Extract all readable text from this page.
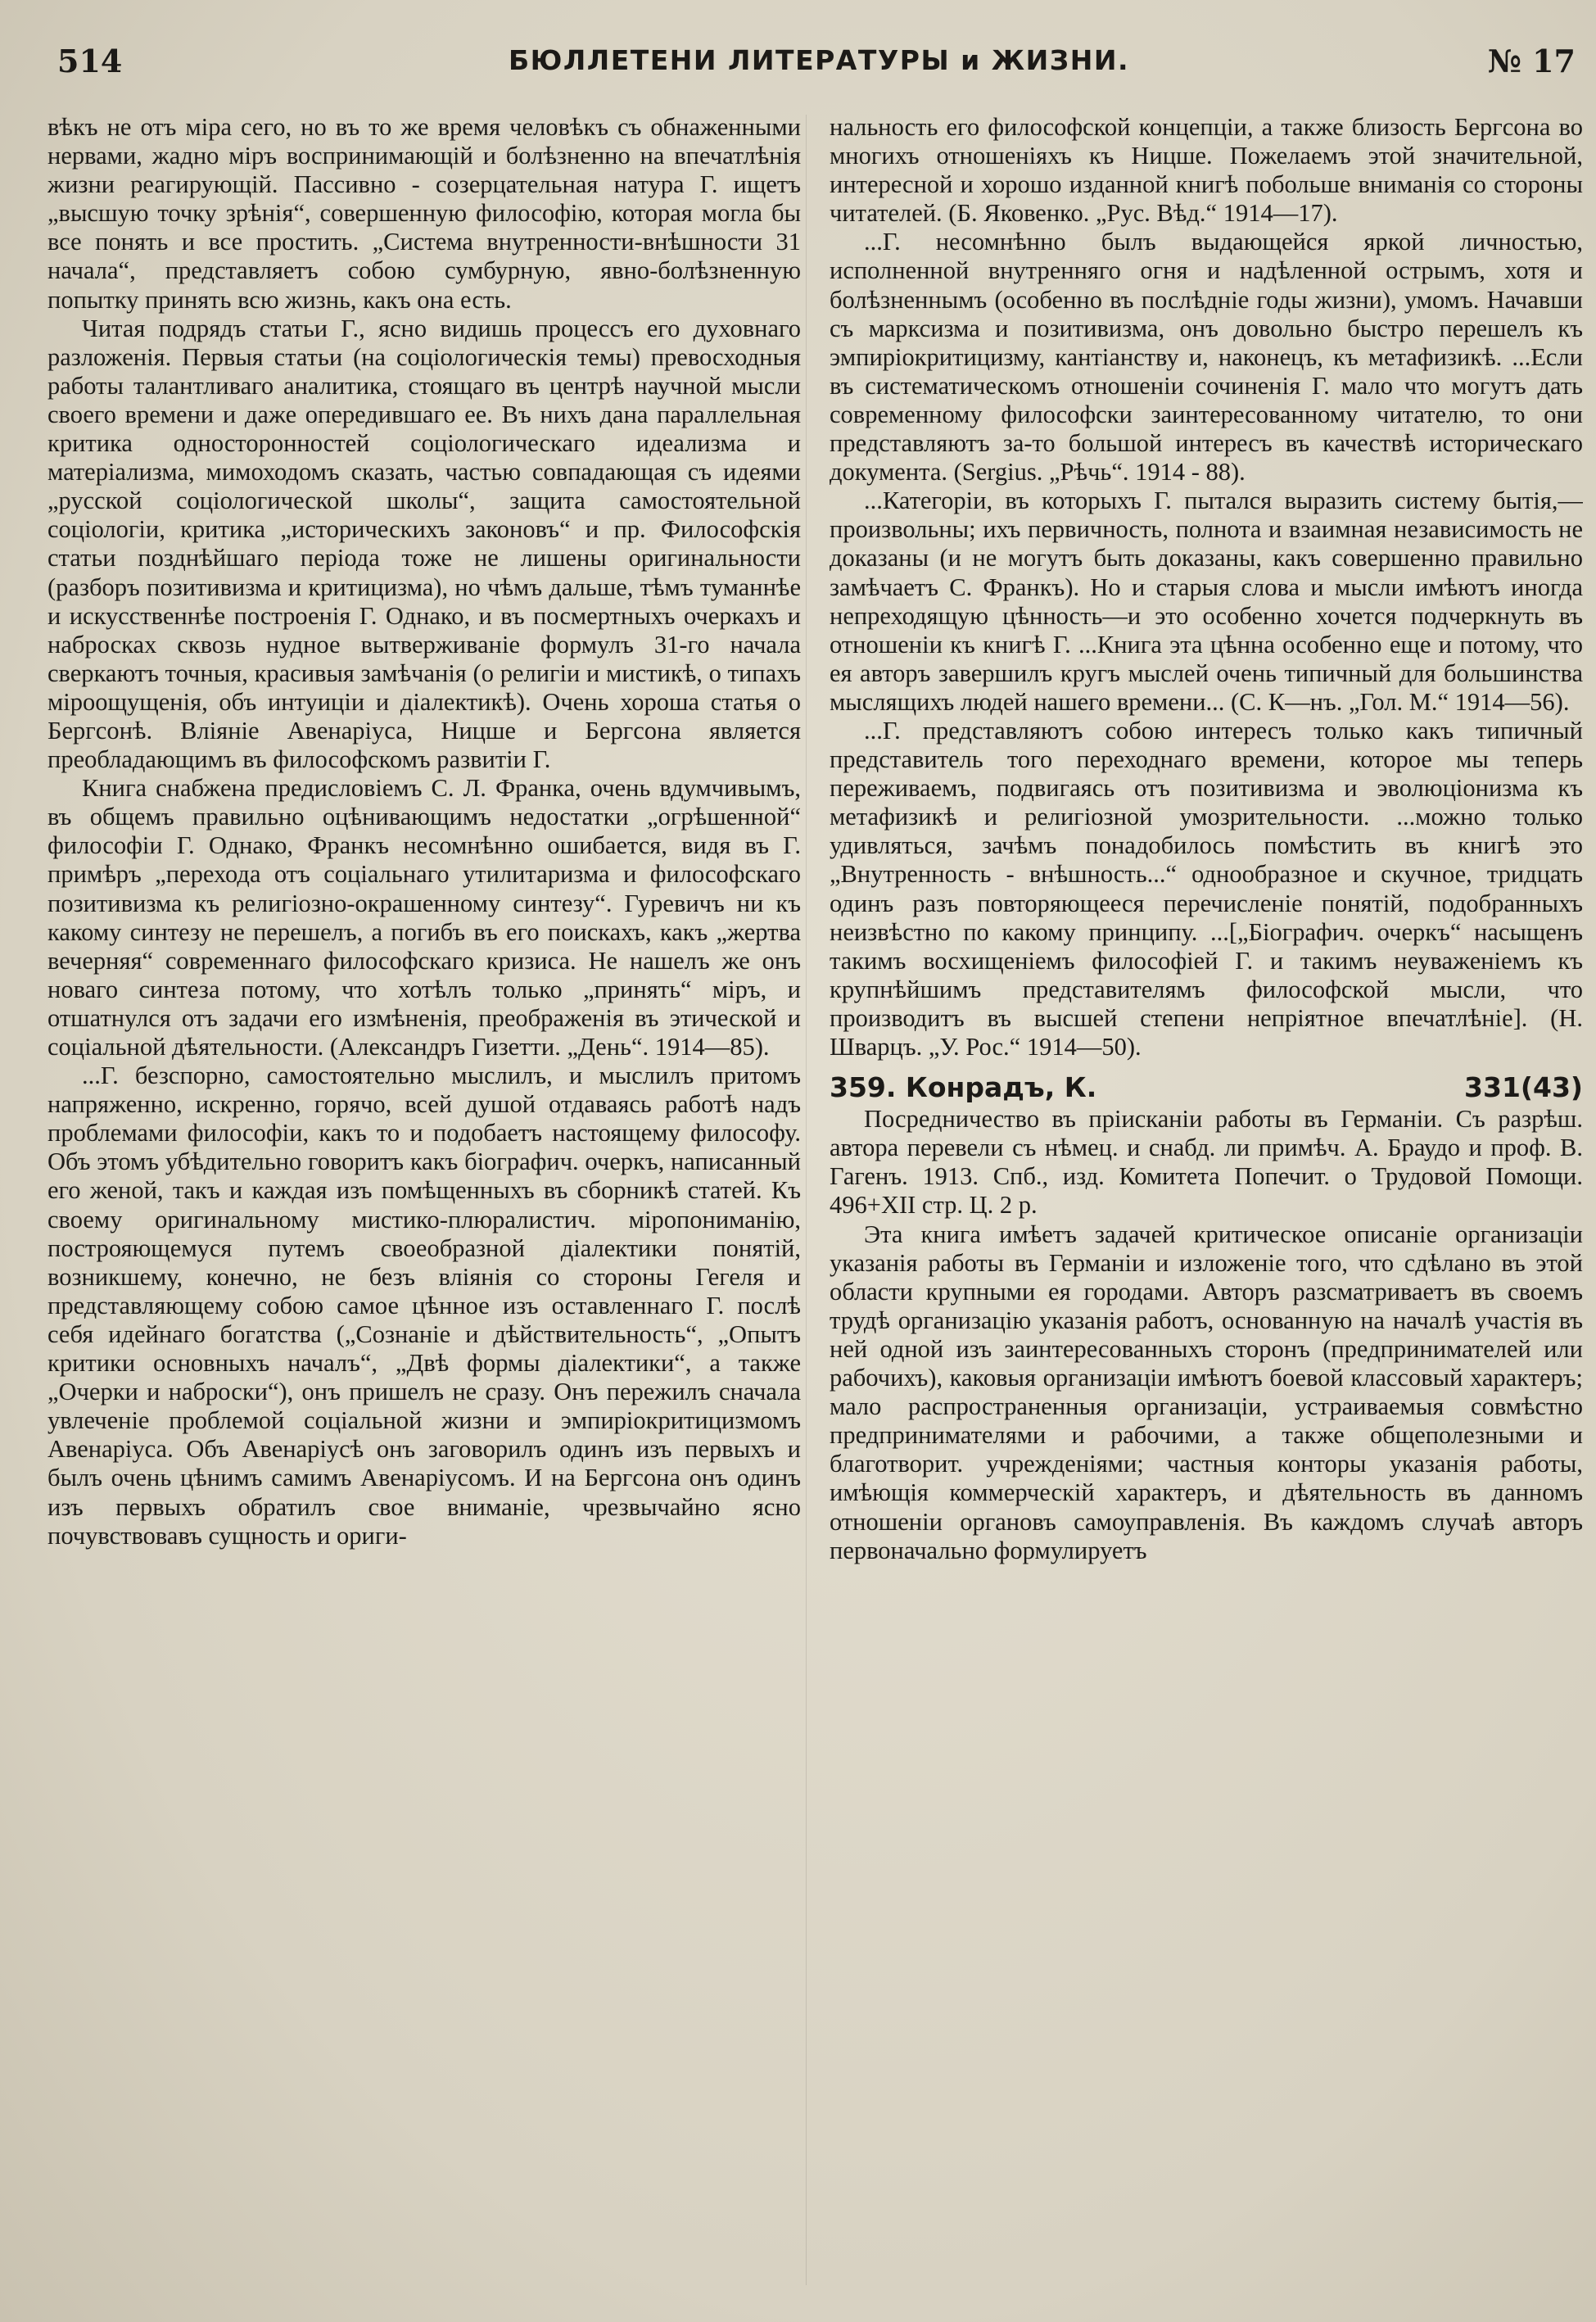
514	БЮЛЛЕТЕНИ ЛИТЕРАТУРЫ и ЖИЗНИ.	№ 17

вѣкъ не отъ міра сего, но въ то же время человѣкъ съ обнаженными нервами, жадно міръ воспринимающій и болѣзненно на впечатлѣнія жизни реагирующій. Пассивно - созерцательная натура Г. ищетъ „высшую точку зрѣнія“, совершенную философію, которая могла бы все понять и все простить. „Система внутренности-внѣшности 31 начала“, представляетъ собою сумбурную, явно-болѣзненную попытку принять всю жизнь, какъ она есть.

Читая подрядъ статьи Г., ясно видишь процессъ его духовнаго разложенія. Первыя статьи (на соціологическія темы) превосходныя работы талантливаго аналитика, стоящаго въ центрѣ научной мысли своего времени и даже опередившаго ее. Въ нихъ дана параллельная критика односторонностей соціологическаго идеализма и матеріализма, мимоходомъ сказать, частью совпадающая съ идеями „русской соціологической школы“, защита самостоятельной соціологіи, критика „историческихъ законовъ“ и пр. Философскія статьи позднѣйшаго періода тоже не лишены оригинальности (разборъ позитивизма и критицизма), но чѣмъ дальше, тѣмъ туманнѣе и искусственнѣе построенія Г. Однако, и въ посмертныхъ очеркахъ и набросках сквозь нудное вытверживаніе формулъ 31-го начала сверкаютъ точныя, красивыя замѣчанія (о религіи и мистикѣ, о типахъ міроощущенія, объ интуиціи и діалектикѣ). Очень хороша статья о Бергсонѣ. Вліяніе Авенаріуса, Ницше и Бергсона является преобладающимъ въ философскомъ развитіи Г.

Книга снабжена предисловіемъ С. Л. Франка, очень вдумчивымъ, въ общемъ правильно оцѣнивающимъ недостатки „огрѣшенной“ философіи Г. Однако, Франкъ несомнѣнно ошибается, видя въ Г. примѣръ „перехода отъ соціальнаго утилитаризма и философскаго позитивизма къ религіозно-окрашенному синтезу“. Гуревичъ ни къ какому синтезу не перешелъ, а погибъ въ его поискахъ, какъ „жертва вечерняя“ современнаго философскаго кризиса. Не нашелъ же онъ новаго синтеза потому, что хотѣлъ только „принять“ міръ, и отшатнулся отъ задачи его измѣненія, преображенія въ этической и соціальной дѣятельности. (Александръ Гизетти. „День“. 1914—85).

...Г. безспорно, самостоятельно мыслилъ, и мыслилъ притомъ напряженно, искренно, горячо, всей душой отдаваясь работѣ надъ проблемами философіи, какъ то и подобаетъ настоящему философу. Объ этомъ убѣдительно говоритъ какъ біографич. очеркъ, написанный его женой, такъ и каждая изъ помѣщенныхъ въ сборникѣ статей. Къ своему оригинальному мистико-плюралистич. міропониманію, построяющемуся путемъ своеобразной діалектики понятій, возникшему, конечно, не безъ вліянія со стороны Гегеля и представляющему собою самое цѣнное изъ оставленнаго Г. послѣ себя идейнаго богатства („Сознаніе и дѣйствительность“, „Опытъ критики основныхъ началъ“, „Двѣ формы діалектики“, а также „Очерки и наброски“), онъ пришелъ не сразу. Онъ пережилъ сначала увлеченіе проблемой соціальной жизни и эмпиріокритицизмомъ Авенаріуса. Объ Авенаріусѣ онъ заговорилъ одинъ изъ первыхъ и былъ очень цѣнимъ самимъ Авенаріусомъ. И на Бергсона онъ одинъ изъ первыхъ обратилъ свое вниманіе, чрезвычайно ясно почувствовавъ сущность и ориги-

нальность его философской концепціи, а также близость Бергсона во многихъ отношеніяхъ къ Ницше. Пожелаемъ этой значительной, интересной и хорошо изданной книгѣ побольше вниманія со стороны читателей. (Б. Яковенко. „Рус. Вѣд.“ 1914—17).

...Г. несомнѣнно былъ выдающейся яркой личностью, исполненной внутренняго огня и надѣленной острымъ, хотя и болѣзненнымъ (особенно въ послѣдніе годы жизни), умомъ. Начавши съ марксизма и позитивизма, онъ довольно быстро перешелъ къ эмпиріокритицизму, кантіанству и, наконецъ, къ метафизикѣ. ...Если въ систематическомъ отношеніи сочиненія Г. мало что могутъ дать современному философски заинтересованному читателю, то они представляютъ за-то большой интересъ въ качествѣ историческаго документа. (Sergius. „Рѣчь“. 1914 - 88).

...Категоріи, въ которыхъ Г. пытался выразить систему бытія,—произвольны; ихъ первичность, полнота и взаимная независимость не доказаны (и не могутъ быть доказаны, какъ совершенно правильно замѣчаетъ С. Франкъ). Но и старыя слова и мысли имѣютъ иногда непреходящую цѣнность—и это особенно хочется подчеркнуть въ отношеніи къ книгѣ Г. ...Книга эта цѣнна особенно еще и потому, что ея авторъ завершилъ кругъ мыслей очень типичный для большинства мыслящихъ людей нашего времени... (С. К—нъ. „Гол. М.“ 1914—56).

...Г. представляютъ собою интересъ только какъ типичный представитель того переходнаго времени, которое мы теперь переживаемъ, подвигаясь отъ позитивизма и эволюціонизма къ метафизикѣ и религіозной умозрительности. ...можно только удивляться, зачѣмъ понадобилось помѣстить въ книгѣ это „Внутренность - внѣшность...“ однообразное и скучное, тридцать одинъ разъ повторяющееся перечисленіе понятій, подобранныхъ неизвѣстно по какому принципу. ...[„Біографич. очеркъ“ насыщенъ такимъ восхищеніемъ философіей Г. и такимъ неуваженіемъ къ крупнѣйшимъ представителямъ философской мысли, что производитъ въ высшей степени непріятное впечатлѣніе]. (Н. Шварцъ. „У. Рос.“ 1914—50).

359. Конрадъ, К.	331(43)

Посредничество въ пріисканіи работы въ Германіи. Съ разрѣш. автора перевели съ нѣмец. и снабд. ли примѣч. А. Браудо и проф. В. Гагенъ. 1913. Спб., изд. Комитета Попечит. о Трудовой Помощи. 496+XII стр. Ц. 2 р.

Эта книга имѣетъ задачей критическое описаніе организаціи указанія работы въ Германіи и изложеніе того, что сдѣлано въ этой области крупными ея городами. Авторъ разсматриваетъ въ своемъ трудѣ организацію указанія работъ, основанную на началѣ участія въ ней одной изъ заинтересованныхъ сторонъ (предпринимателей или рабочихъ), каковыя организаціи имѣютъ боевой классовый характеръ; мало распространенныя организаціи, устраиваемыя совмѣстно предпринимателями и рабочими, а также общеполезными и благотворит. учрежденіями; частныя конторы указанія работы, имѣющія коммерческій характеръ, и дѣятельность въ данномъ отношеніи органовъ самоуправленія. Въ каждомъ случаѣ авторъ первоначально формулируетъ
